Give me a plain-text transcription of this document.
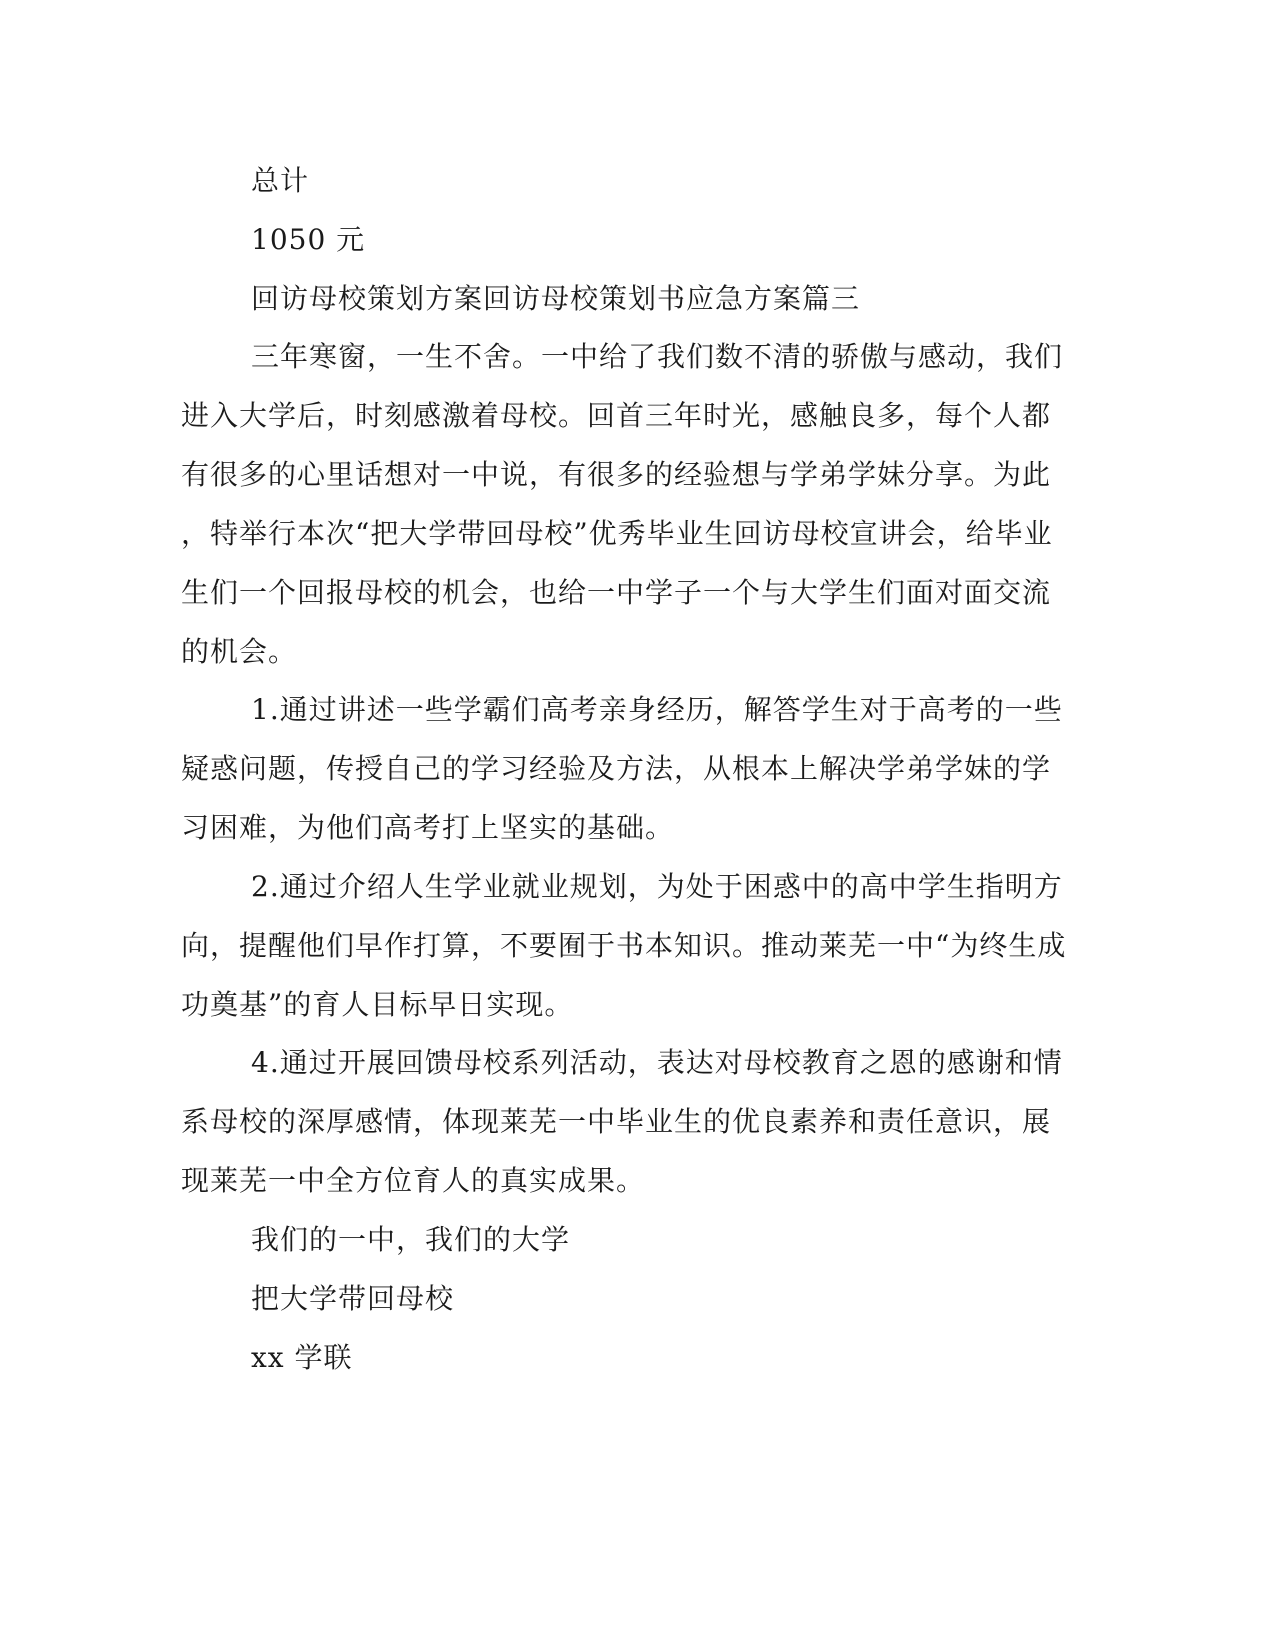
总计
1050 元
回访母校策划方案回访母校策划书应急方案篇三
三年寒窗，一生不舍。一中给了我们数不清的骄傲与感动，我们
进入大学后，时刻感激着母校。回首三年时光，感触良多，每个人都
有很多的心里话想对一中说，有很多的经验想与学弟学妹分享。为此
，特举行本次“把大学带回母校”优秀毕业生回访母校宣讲会，给毕业
生们一个回报母校的机会，也给一中学子一个与大学生们面对面交流
的机会。
1.通过讲述一些学霸们高考亲身经历，解答学生对于高考的一些
疑惑问题，传授自己的学习经验及方法，从根本上解决学弟学妹的学
习困难，为他们高考打上坚实的基础。
2.通过介绍人生学业就业规划，为处于困惑中的高中学生指明方
向，提醒他们早作打算，不要囿于书本知识。推动莱芜一中“为终生成
功奠基”的育人目标早日实现。
4.通过开展回馈母校系列活动，表达对母校教育之恩的感谢和情
系母校的深厚感情，体现莱芜一中毕业生的优良素养和责任意识，展
现莱芜一中全方位育人的真实成果。
我们的一中，我们的大学
把大学带回母校
xx 学联
